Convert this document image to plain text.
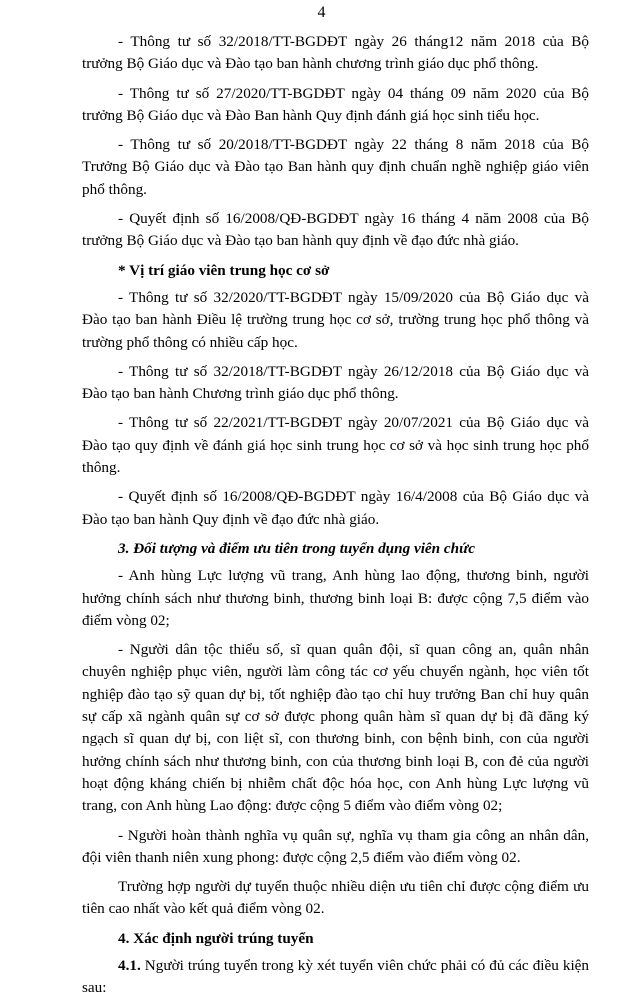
4

- Thông tư số 32/2018/TT-BGDĐT ngày 26 tháng12 năm 2018 của Bộ trưởng Bộ Giáo dục và Đào tạo ban hành chương trình giáo dục phổ thông.

- Thông tư số 27/2020/TT-BGDĐT ngày 04 tháng 09 năm 2020 của Bộ trưởng Bộ Giáo dục và Đào Ban hành Quy định đánh giá học sinh tiểu học.

- Thông tư số 20/2018/TT-BGDĐT ngày 22 tháng 8 năm 2018 của Bộ Trưởng Bộ Giáo dục và Đào tạo Ban hành quy định chuẩn nghề nghiệp giáo viên phổ thông.

- Quyết định số 16/2008/QĐ-BGDĐT ngày 16 tháng 4 năm 2008 của Bộ trưởng Bộ Giáo dục và Đào tạo ban hành quy định về đạo đức nhà giáo.

* Vị trí giáo viên trung học cơ sở

- Thông tư số 32/2020/TT-BGDĐT ngày 15/09/2020 của Bộ Giáo dục và Đào tạo ban hành Điều lệ trường trung học cơ sở, trường trung học phổ thông và trường phổ thông có nhiều cấp học.

- Thông tư số 32/2018/TT-BGDĐT ngày 26/12/2018 của Bộ Giáo dục và Đào tạo ban hành Chương trình giáo dục phổ thông.

- Thông tư số 22/2021/TT-BGDĐT ngày 20/07/2021 của Bộ Giáo dục và Đào tạo quy định về đánh giá học sinh trung học cơ sở và học sinh trung học phổ thông.

- Quyết định số 16/2008/QĐ-BGDĐT ngày 16/4/2008 của Bộ Giáo dục và Đào tạo ban hành Quy định về đạo đức nhà giáo.

3. Đối tượng và điểm ưu tiên trong tuyển dụng viên chức

- Anh hùng Lực lượng vũ trang, Anh hùng lao động, thương binh, người hưởng chính sách như thương binh, thương binh loại B: được cộng 7,5 điểm vào điểm vòng 02;

- Người dân tộc thiểu số, sĩ quan quân đội, sĩ quan công an, quân nhân chuyên nghiệp phục viên, người làm công tác cơ yếu chuyển ngành, học viên tốt nghiệp đào tạo sỹ quan dự bị, tốt nghiệp đào tạo chỉ huy trưởng Ban chỉ huy quân sự cấp xã ngành quân sự cơ sở được phong quân hàm sĩ quan dự bị đã đăng ký ngạch sĩ quan dự bị, con liệt sĩ, con thương binh, con bệnh binh, con của người hưởng chính sách như thương binh, con của thương binh loại B, con đẻ của người hoạt động kháng chiến bị nhiễm chất độc hóa học, con Anh hùng Lực lượng vũ trang, con Anh hùng Lao động: được cộng 5 điểm vào điểm vòng 02;

- Người hoàn thành nghĩa vụ quân sự, nghĩa vụ tham gia công an nhân dân, đội viên thanh niên xung phong: được cộng 2,5 điểm vào điểm vòng 02.

Trường hợp người dự tuyển thuộc nhiều diện ưu tiên chỉ được cộng điểm ưu tiên cao nhất vào kết quả điểm vòng 02.

4. Xác định người trúng tuyển

4.1. Người trúng tuyển trong kỳ xét tuyển viên chức phải có đủ các điều kiện sau:
